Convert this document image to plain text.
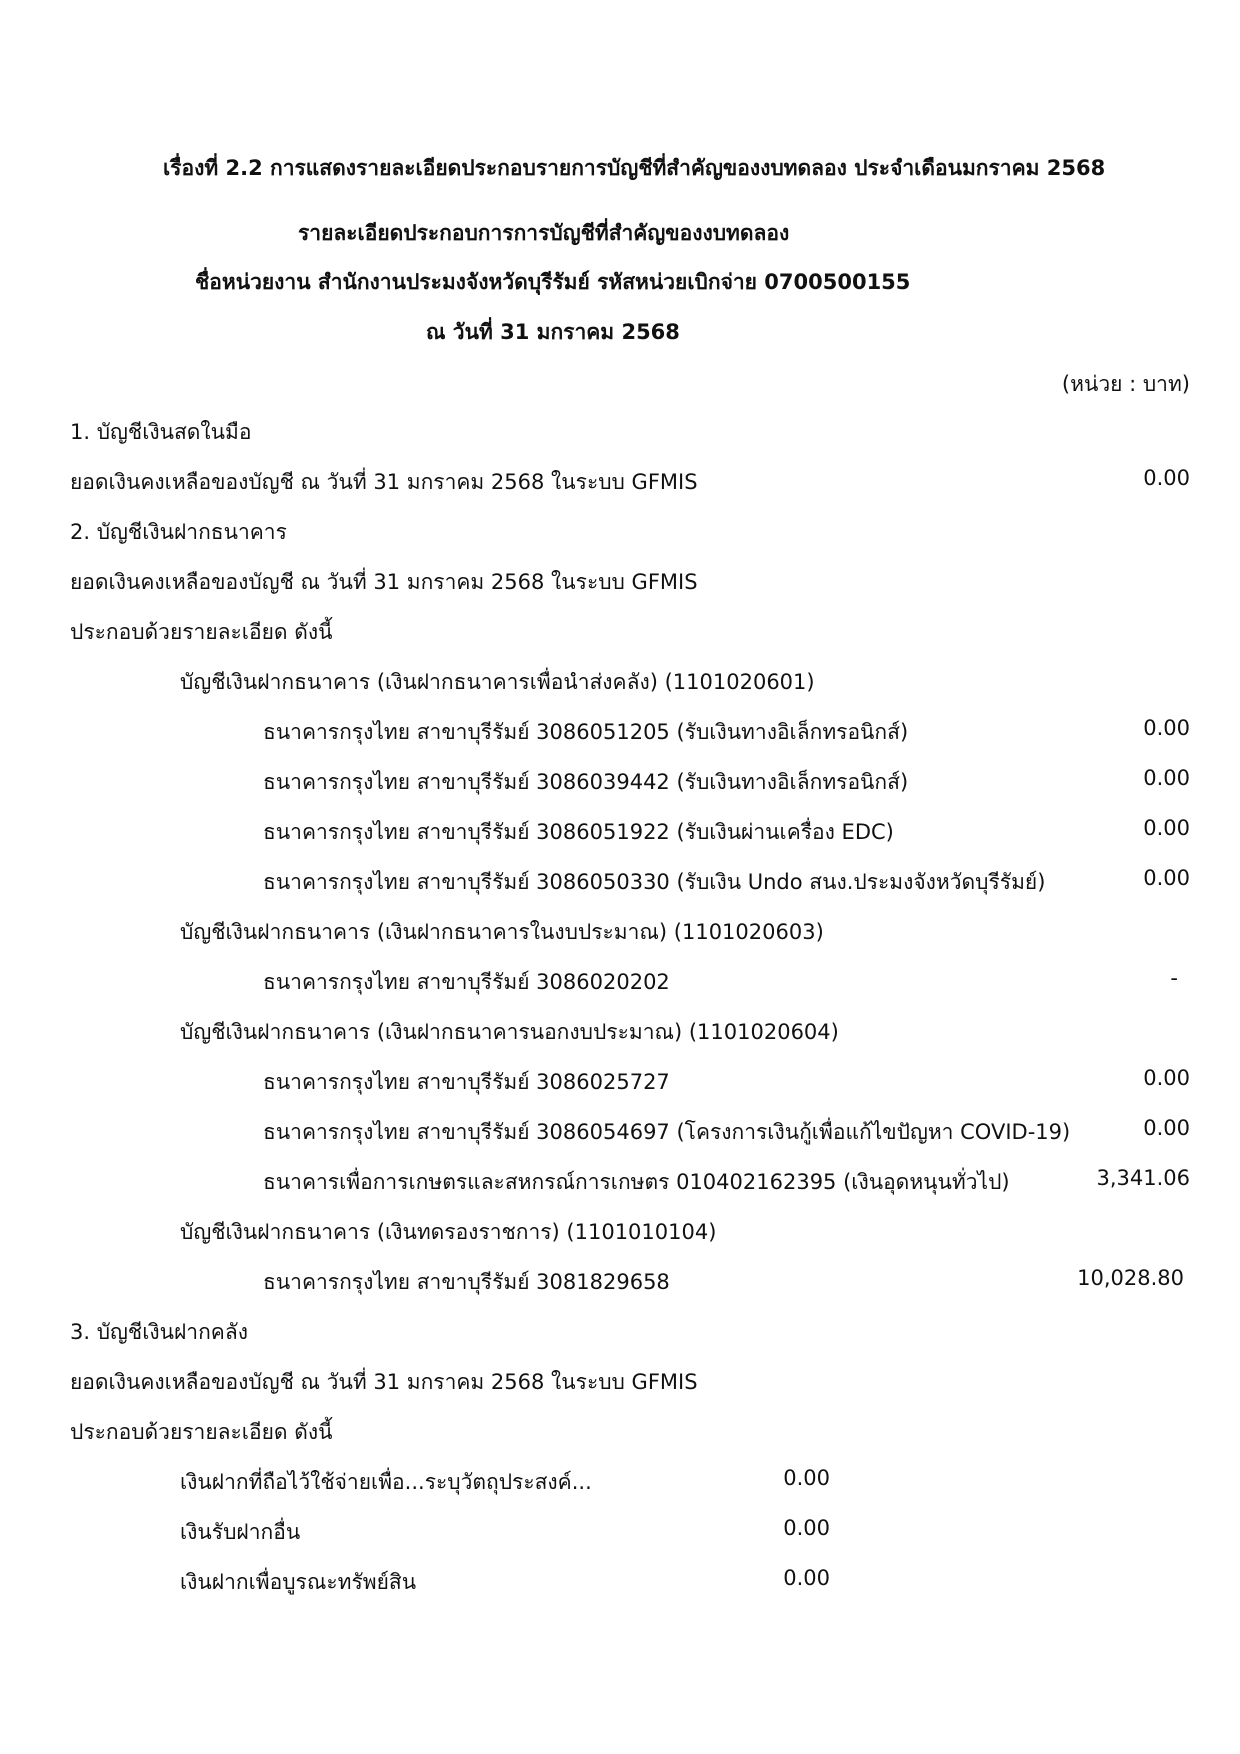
เรื่องที่ 2.2 การแสดงรายละเอียดประกอบรายการบัญชีที่สำคัญของงบทดลอง ประจำเดือนมกราคม 2568
รายละเอียดประกอบการการบัญชีที่สำคัญของงบทดลอง
ชื่อหน่วยงาน สำนักงานประมงจังหวัดบุรีรัมย์ รหัสหน่วยเบิกจ่าย 0700500155
ณ วันที่ 31 มกราคม 2568
(หน่วย : บาท)
1. บัญชีเงินสดในมือ
ยอดเงินคงเหลือของบัญชี ณ วันที่ 31 มกราคม 2568 ในระบบ GFMIS	0.00
2. บัญชีเงินฝากธนาคาร
ยอดเงินคงเหลือของบัญชี ณ วันที่ 31 มกราคม 2568 ในระบบ GFMIS
ประกอบด้วยรายละเอียด ดังนี้
บัญชีเงินฝากธนาคาร (เงินฝากธนาคารเพื่อนำส่งคลัง) (1101020601)
ธนาคารกรุงไทย สาขาบุรีรัมย์ 3086051205 (รับเงินทางอิเล็กทรอนิกส์)	0.00
ธนาคารกรุงไทย สาขาบุรีรัมย์ 3086039442 (รับเงินทางอิเล็กทรอนิกส์)	0.00
ธนาคารกรุงไทย สาขาบุรีรัมย์ 3086051922 (รับเงินผ่านเครื่อง EDC)	0.00
ธนาคารกรุงไทย สาขาบุรีรัมย์ 3086050330 (รับเงิน Undo สนง.ประมงจังหวัดบุรีรัมย์)	0.00
บัญชีเงินฝากธนาคาร (เงินฝากธนาคารในงบประมาณ) (1101020603)
ธนาคารกรุงไทย สาขาบุรีรัมย์ 3086020202	-
บัญชีเงินฝากธนาคาร (เงินฝากธนาคารนอกงบประมาณ) (1101020604)
ธนาคารกรุงไทย สาขาบุรีรัมย์ 3086025727	0.00
ธนาคารกรุงไทย สาขาบุรีรัมย์ 3086054697 (โครงการเงินกู้เพื่อแก้ไขปัญหา COVID-19)	0.00
ธนาคารเพื่อการเกษตรและสหกรณ์การเกษตร 010402162395 (เงินอุดหนุนทั่วไป)	3,341.06
บัญชีเงินฝากธนาคาร (เงินทดรองราชการ) (1101010104)
ธนาคารกรุงไทย สาขาบุรีรัมย์ 3081829658	10,028.80
3. บัญชีเงินฝากคลัง
ยอดเงินคงเหลือของบัญชี ณ วันที่ 31 มกราคม 2568 ในระบบ GFMIS
ประกอบด้วยรายละเอียด ดังนี้
เงินฝากที่ถือไว้ใช้จ่ายเพื่อ...ระบุวัตถุประสงค์...	0.00
เงินรับฝากอื่น	0.00
เงินฝากเพื่อบูรณะทรัพย์สิน	0.00
